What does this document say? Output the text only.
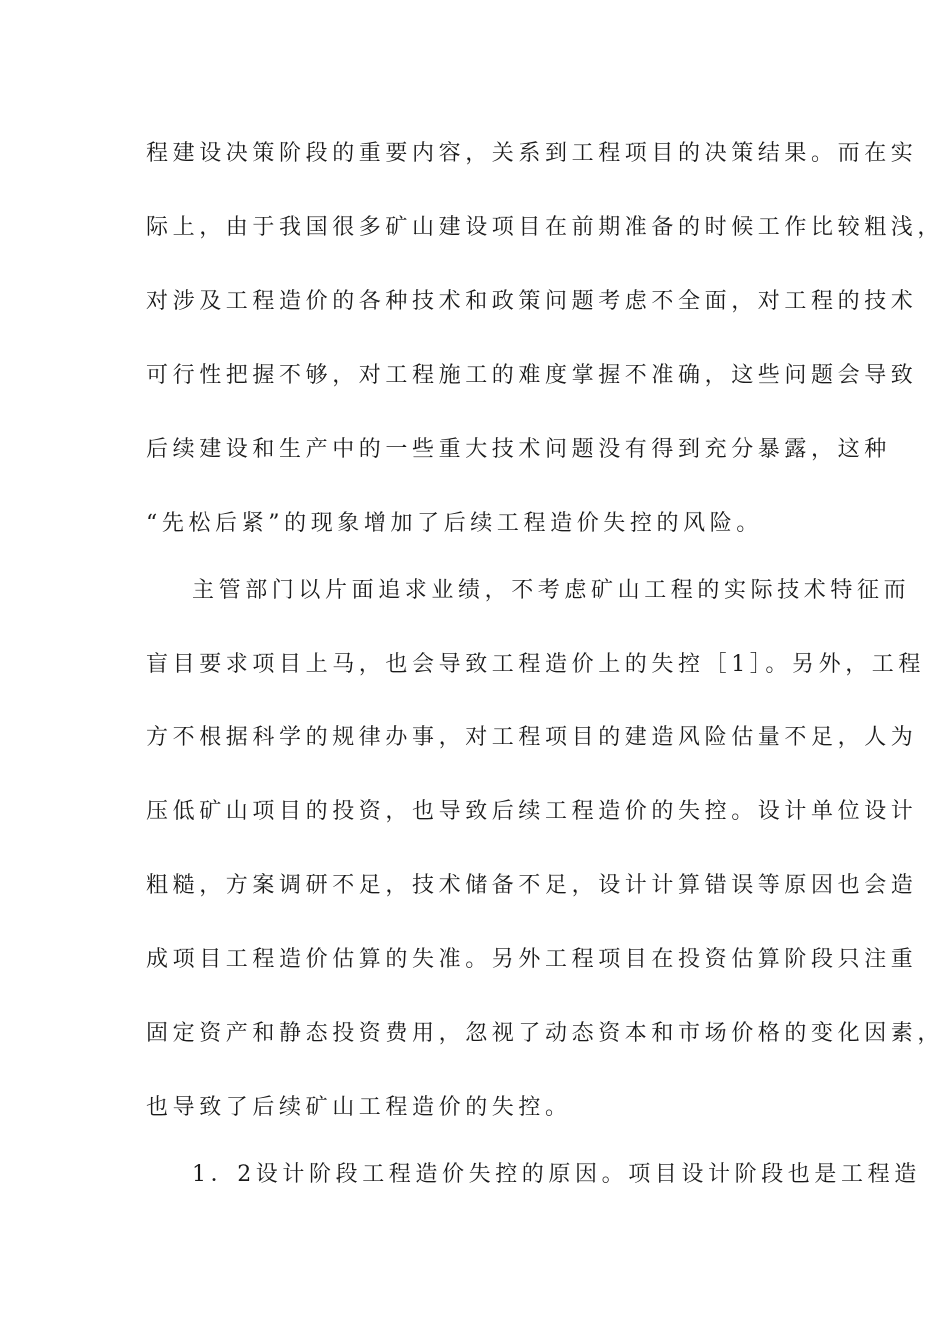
程建设决策阶段的重要内容，关系到工程项目的决策结果。而在实
际上，由于我国很多矿山建设项目在前期准备的时候工作比较粗浅，
对涉及工程造价的各种技术和政策问题考虑不全面，对工程的技术
可行性把握不够，对工程施工的难度掌握不准确，这些问题会导致
后续建设和生产中的一些重大技术问题没有得到充分暴露，这种
“先松后紧”的现象增加了后续工程造价失控的风险。
主管部门以片面追求业绩，不考虑矿山工程的实际技术特征而
盲目要求项目上马，也会导致工程造价上的失控［1］。另外，工程
方不根据科学的规律办事，对工程项目的建造风险估量不足，人为
压低矿山项目的投资，也导致后续工程造价的失控。设计单位设计
粗糙，方案调研不足，技术储备不足，设计计算错误等原因也会造
成项目工程造价估算的失准。另外工程项目在投资估算阶段只注重
固定资产和静态投资费用，忽视了动态资本和市场价格的变化因素，
也导致了后续矿山工程造价的失控。
1．2设计阶段工程造价失控的原因。项目设计阶段也是工程造
